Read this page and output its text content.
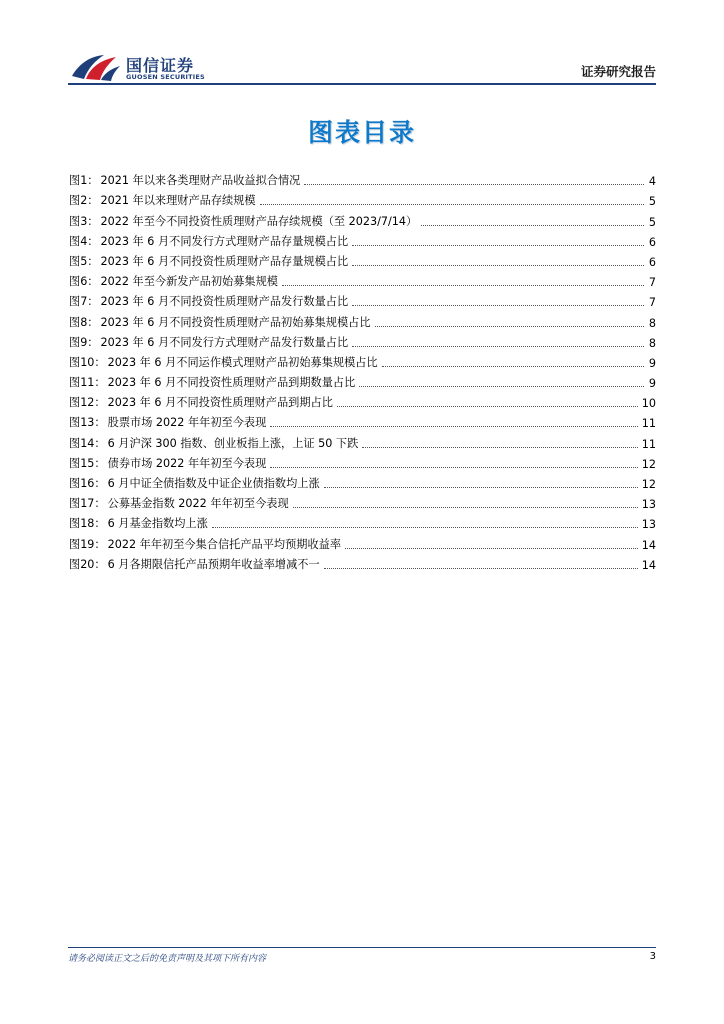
国信证券
GUOSEN SECURITIES	证券研究报告
图表目录
图1： 2021 年以来各类理财产品收益拟合情况	4
图2： 2021 年以来理财产品存续规模	5
图3： 2022 年至今不同投资性质理财产品存续规模（至 2023/7/14）	5
图4： 2023 年 6 月不同发行方式理财产品存量规模占比	6
图5： 2023 年 6 月不同投资性质理财产品存量规模占比	6
图6： 2022 年至今新发产品初始募集规模	7
图7： 2023 年 6 月不同投资性质理财产品发行数量占比	7
图8： 2023 年 6 月不同投资性质理财产品初始募集规模占比	8
图9： 2023 年 6 月不同发行方式理财产品发行数量占比	8
图10： 2023 年 6 月不同运作模式理财产品初始募集规模占比	9
图11： 2023 年 6 月不同投资性质理财产品到期数量占比	9
图12： 2023 年 6 月不同投资性质理财产品到期占比	10
图13： 股票市场 2022 年年初至今表现	11
图14： 6 月沪深 300 指数、创业板指上涨，上证 50 下跌	11
图15： 债券市场 2022 年年初至今表现	12
图16： 6 月中证全债指数及中证企业债指数均上涨	12
图17： 公募基金指数 2022 年年初至今表现	13
图18： 6 月基金指数均上涨	13
图19： 2022 年年初至今集合信托产品平均预期收益率	14
图20： 6 月各期限信托产品预期年收益率增减不一	14
请务必阅读正文之后的免责声明及其项下所有内容	3
